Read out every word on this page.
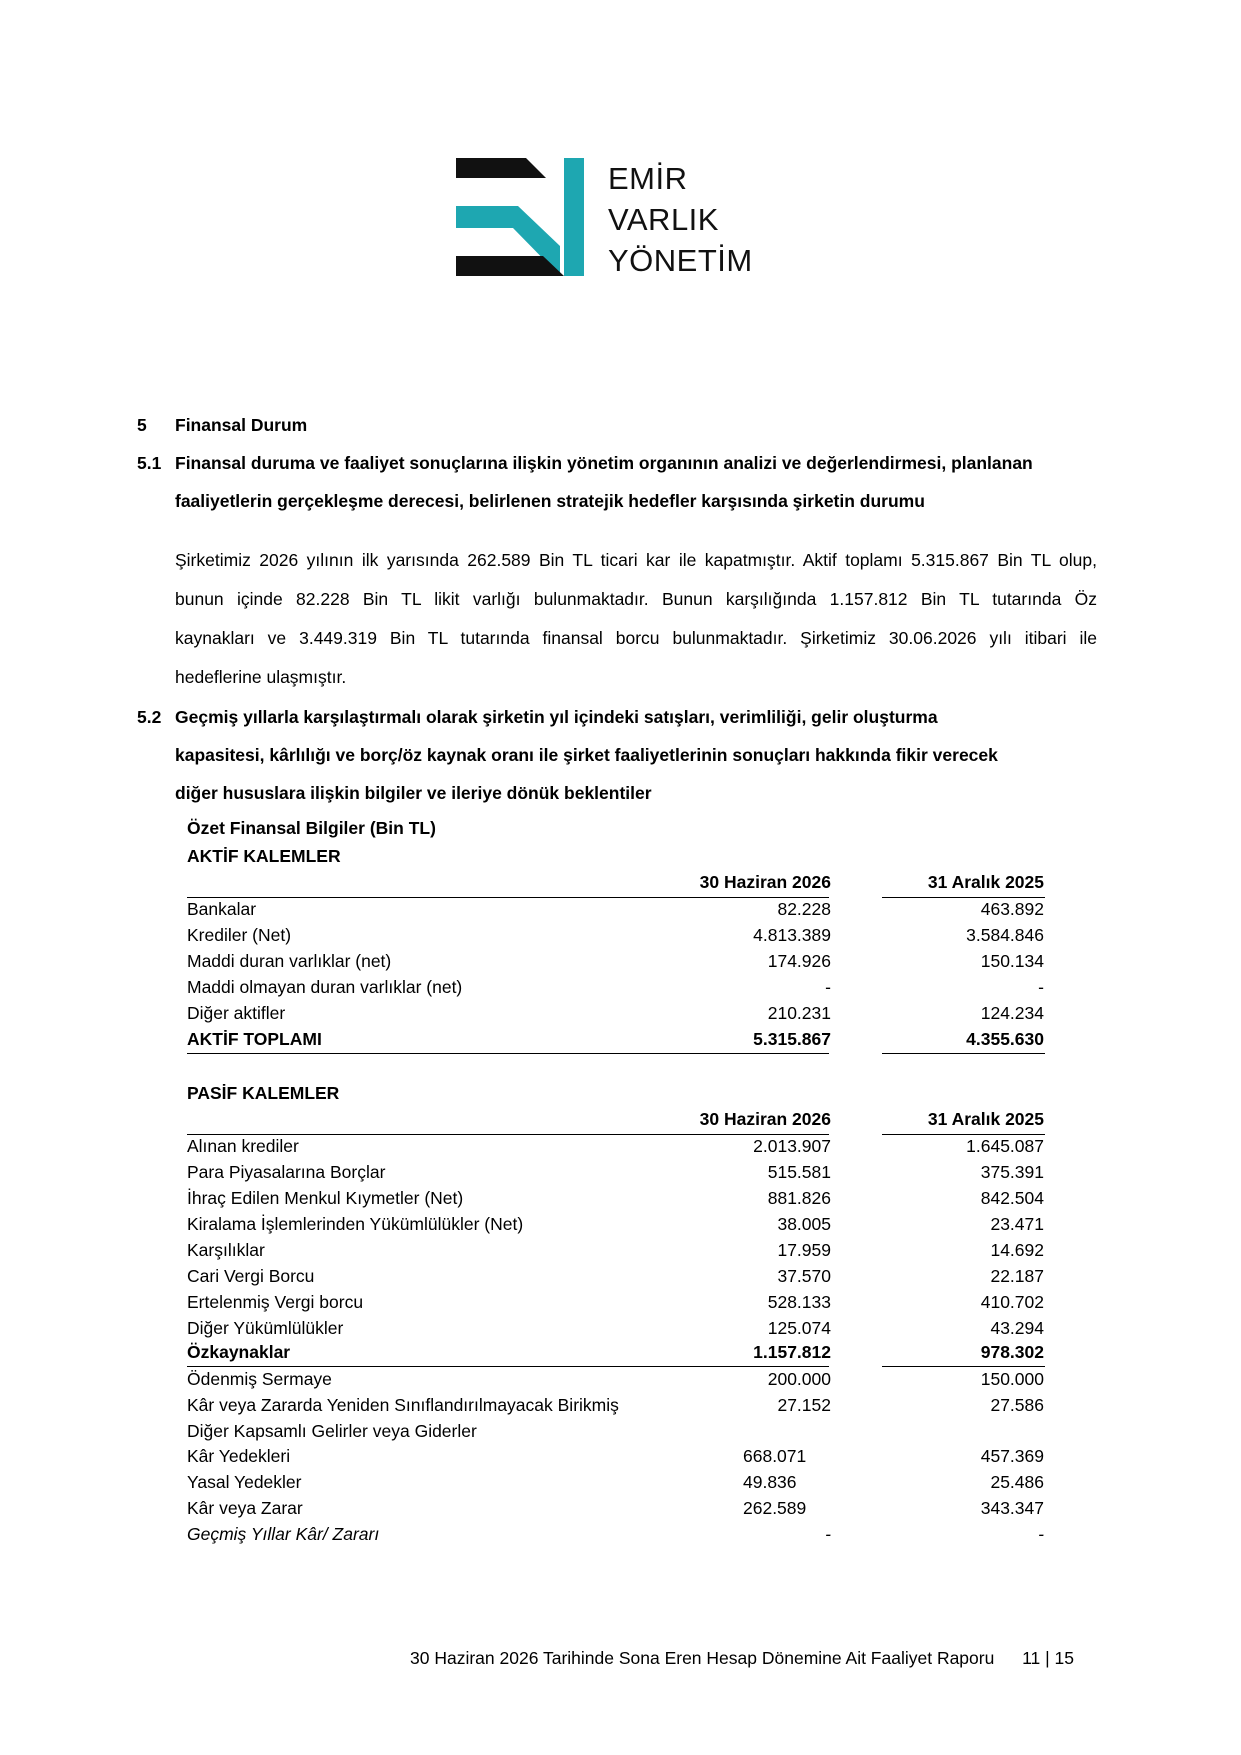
EMİR
VARLIK
YÖNETİM
5 Finansal Durum
5.1 Finansal duruma ve faaliyet sonuçlarına ilişkin yönetim organının analizi ve değerlendirmesi, planlanan
faaliyetlerin gerçekleşme derecesi, belirlenen stratejik hedefler karşısında şirketin durumu
Şirketimiz 2026 yılının ilk yarısında 262.589 Bin TL ticari kar ile kapatmıştır. Aktif toplamı 5.315.867 Bin TL olup,
bunun içinde 82.228 Bin TL likit varlığı bulunmaktadır. Bunun karşılığında 1.157.812 Bin TL tutarında Öz
kaynakları ve 3.449.319 Bin TL tutarında finansal borcu bulunmaktadır. Şirketimiz 30.06.2026 yılı itibari ile
hedeflerine ulaşmıştır.
5.2 Geçmiş yıllarla karşılaştırmalı olarak şirketin yıl içindeki satışları, verimliliği, gelir oluşturma
kapasitesi, kârlılığı ve borç/öz kaynak oranı ile şirket faaliyetlerinin sonuçları hakkında fikir verecek
diğer hususlara ilişkin bilgiler ve ileriye dönük beklentiler
Özet Finansal Bilgiler (Bin TL)
AKTİF KALEMLER
30 Haziran 2026	31 Aralık 2025
Bankalar	82.228	463.892
Krediler (Net)	4.813.389	3.584.846
Maddi duran varlıklar (net)	174.926	150.134
Maddi olmayan duran varlıklar (net)	-	-
Diğer aktifler	210.231	124.234
AKTİF TOPLAMI	5.315.867	4.355.630
PASİF KALEMLER
30 Haziran 2026	31 Aralık 2025
Alınan krediler	2.013.907	1.645.087
Para Piyasalarına Borçlar	515.581	375.391
İhraç Edilen Menkul Kıymetler (Net)	881.826	842.504
Kiralama İşlemlerinden Yükümlülükler (Net)	38.005	23.471
Karşılıklar	17.959	14.692
Cari Vergi Borcu	37.570	22.187
Ertelenmiş Vergi borcu	528.133	410.702
Diğer Yükümlülükler	125.074	43.294
Özkaynaklar	1.157.812	978.302
Ödenmiş Sermaye	200.000	150.000
Kâr veya Zararda Yeniden Sınıflandırılmayacak Birikmiş	27.152	27.586
Diğer Kapsamlı Gelirler veya Giderler
Kâr Yedekleri	668.071	457.369
Yasal Yedekler	49.836	25.486
Kâr veya Zarar	262.589	343.347
Geçmiş Yıllar Kâr/ Zararı	-	-
30 Haziran 2026 Tarihinde Sona Eren Hesap Dönemine Ait Faaliyet Raporu 11 | 15
